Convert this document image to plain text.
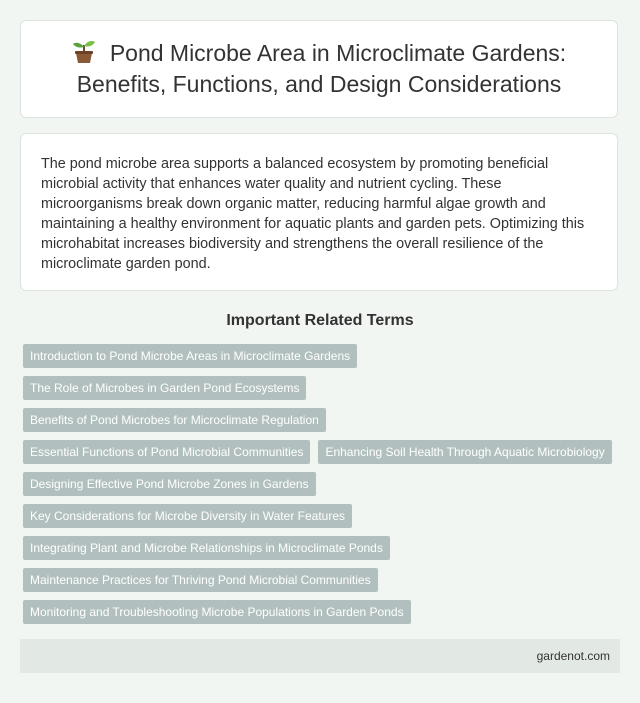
Pond Microbe Area in Microclimate Gardens: Benefits, Functions, and Design Considerations

The pond microbe area supports a balanced ecosystem by promoting beneficial microbial activity that enhances water quality and nutrient cycling. These microorganisms break down organic matter, reducing harmful algae growth and maintaining a healthy environment for aquatic plants and garden pets. Optimizing this microhabitat increases biodiversity and strengthens the overall resilience of the microclimate garden pond.

Important Related Terms
Introduction to Pond Microbe Areas in Microclimate Gardens
The Role of Microbes in Garden Pond Ecosystems
Benefits of Pond Microbes for Microclimate Regulation
Essential Functions of Pond Microbial Communities	Enhancing Soil Health Through Aquatic Microbiology
Designing Effective Pond Microbe Zones in Gardens
Key Considerations for Microbe Diversity in Water Features
Integrating Plant and Microbe Relationships in Microclimate Ponds
Maintenance Practices for Thriving Pond Microbial Communities
Monitoring and Troubleshooting Microbe Populations in Garden Ponds
gardenot.com
